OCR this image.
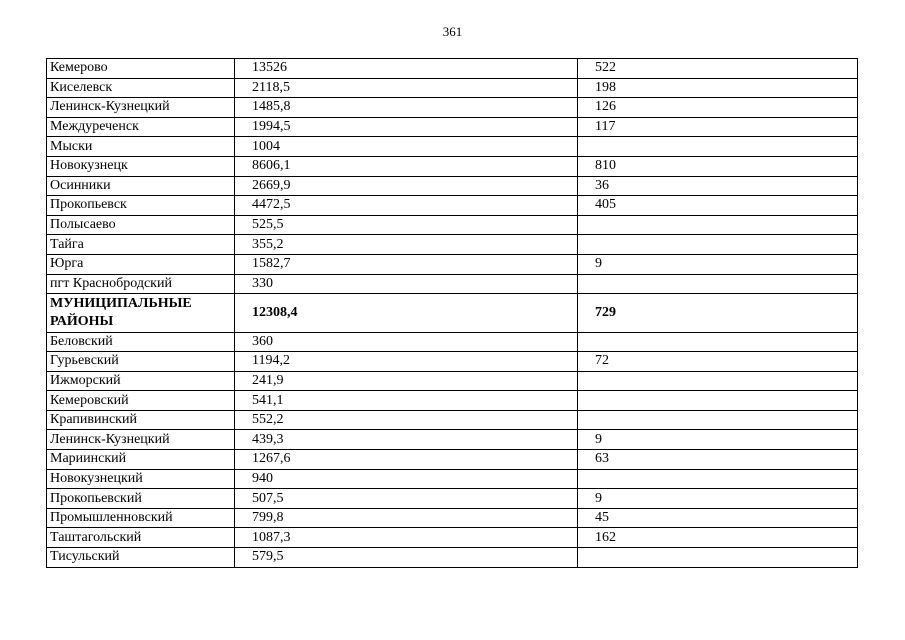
361
Кемерово	13526	522
Киселевск	2118,5	198
Ленинск-Кузнецкий	1485,8	126
Междуреченск	1994,5	117
Мыски	1004	
Новокузнецк	8606,1	810
Осинники	2669,9	36
Прокопьевск	4472,5	405
Полысаево	525,5	
Тайга	355,2	
Юрга	1582,7	9
пгт Краснобродский	330	
МУНИЦИПАЛЬНЫЕ РАЙОНЫ	12308,4	729
Беловский	360	
Гурьевский	1194,2	72
Ижморский	241,9	
Кемеровский	541,1	
Крапивинский	552,2	
Ленинск-Кузнецкий	439,3	9
Мариинский	1267,6	63
Новокузнецкий	940	
Прокопьевский	507,5	9
Промышленновский	799,8	45
Таштагольский	1087,3	162
Тисульский	579,5	
